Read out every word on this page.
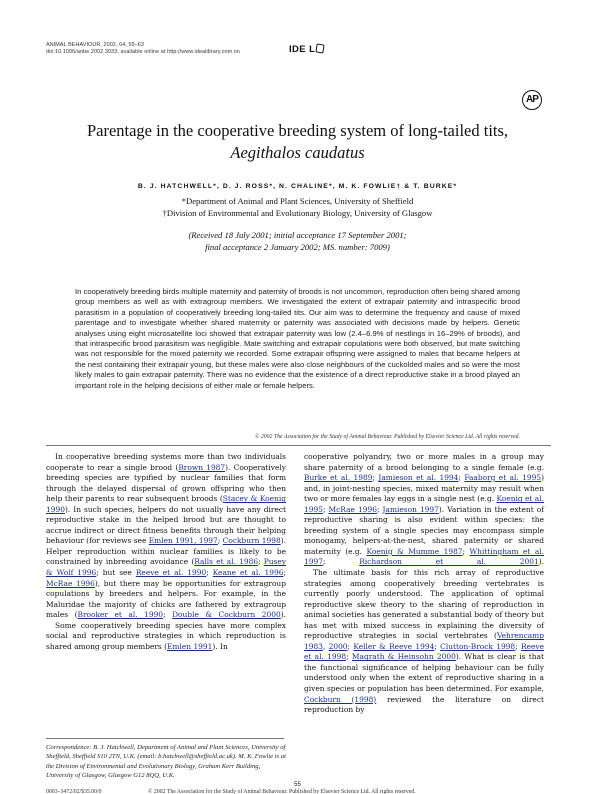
ANIMAL BEHAVIOUR, 2002, 64, 55–63
doi:10.1006/anbe.2002.3033, available online at http://www.idealibrary.com on	IDE L
AP
Parentage in the cooperative breeding system of long-tailed tits,
Aegithalos caudatus
B. J. HATCHWELL*, D. J. ROSS*, N. CHALINE*, M. K. FOWLIE† & T. BURKE*
*Department of Animal and Plant Sciences, University of Sheffield
†Division of Environmental and Evolutionary Biology, University of Glasgow
(Received 18 July 2001; initial acceptance 17 September 2001;
final acceptance 2 January 2002; MS. number: 7009)
In cooperatively breeding birds multiple maternity and paternity of broods is not uncommon, reproduction often being shared among group members as well as with extragroup members. We investigated the extent of extrapair paternity and intraspecific brood parasitism in a population of cooperatively breeding long-tailed tits. Our aim was to determine the frequency and cause of mixed parentage and to investigate whether shared maternity or paternity was associated with decisions made by helpers. Genetic analyses using eight microsatellite loci showed that extrapair paternity was low (2.4–6.9% of nestlings in 16–29% of broods), and that intraspecific brood parasitism was negligible. Mate switching and extrapair copulations were both observed, but mate switching was not responsible for the mixed paternity we recorded. Some extrapair offspring were assigned to males that became helpers at the nest containing their extrapair young, but these males were also close neighbours of the cuckolded males and so were the most likely males to gain extrapair paternity. There was no evidence that the existence of a direct reproductive stake in a brood played an important role in the helping decisions of either male or female helpers.
© 2002 The Association for the Study of Animal Behaviour. Published by Elsevier Science Ltd. All rights reserved.

In cooperative breeding systems more than two individuals cooperate to rear a single brood (Brown 1987). Cooperatively breeding species are typified by nuclear families that form through the delayed dispersal of grown offspring who then help their parents to rear subsequent broods (Stacey & Koenig 1990). In such species, helpers do not usually have any direct reproductive stake in the helped brood but are thought to accrue indirect or direct fitness benefits through their helping behaviour (for reviews see Emlen 1991, 1997; Cockburn 1998). Helper reproduction within nuclear families is likely to be constrained by inbreeding avoidance (Ralls et al. 1986; Pusey & Wolf 1996; but see Reeve et al. 1990; Keane et al. 1996; McRae 1996), but there may be opportunities for extragroup copulations by breeders and helpers. For example, in the Maluridae the majority of chicks are fathered by extragroup males (Brooker et al. 1990; Double & Cockburn 2000).

Some cooperatively breeding species have more complex social and reproductive strategies in which reproduction is shared among group members (Emlen 1991). In

Correspondence: B. J. Hatchwell, Department of Animal and Plant Sciences, University of Sheffield, Sheffield S10 2TN, U.K. (email: b.hatchwell@sheffield.ac.uk). M. K. Fowlie is at the Division of Environmental and Evolutionary Biology, Graham Kerr Building, University of Glasgow, Glasgow G12 8QQ, U.K.

cooperative polyandry, two or more males in a group may share paternity of a brood belonging to a single female (e.g. Burke et al. 1989; Jamieson et al. 1994; Faaborg et al. 1995) and, in joint-nesting species, mixed maternity may result when two or more females lay eggs in a single nest (e.g. Koenig et al. 1995; McRae 1996; Jamieson 1997). Variation in the extent of reproductive sharing is also evident within species: the breeding system of a single species may encompass simple monogamy, helpers-at-the-nest, shared paternity or shared maternity (e.g. Koenig & Mumme 1987; Whittingham et al. 1997; Richardson et al. 2001).

The ultimate basis for this rich array of reproductive strategies among cooperatively breeding vertebrates is currently poorly understood. The application of optimal reproductive skew theory to the sharing of reproduction in animal societies has generated a substantial body of theory but has met with mixed success in explaining the diversity of reproductive strategies in social vertebrates (Vehrencamp 1983, 2000; Keller & Reeve 1994; Clutton-Brock 1998; Reeve et al. 1998; Magrath & Heinsohn 2000). What is clear is that the functional significance of helping behaviour can be fully understood only when the extent of reproductive sharing in a given species or population has been determined. For example, Cockburn (1998) reviewed the literature on direct reproduction by

55
0003–3472/02/$35.00/0	© 2002 The Association for the Study of Animal Behaviour. Published by Elsevier Science Ltd. All rights reserved.
